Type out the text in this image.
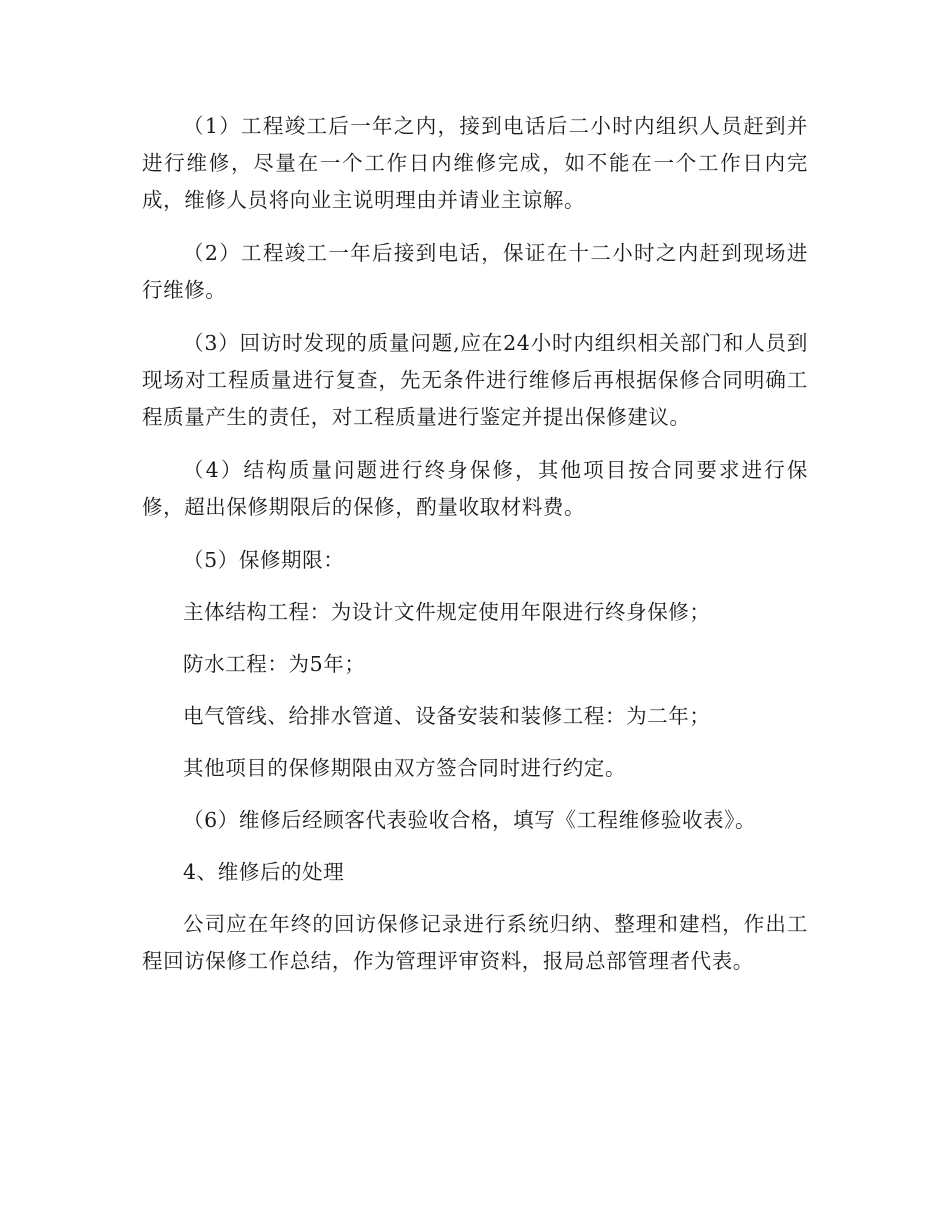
（1）工程竣工后一年之内，接到电话后二小时内组织人员赶到并进行维修，尽量在一个工作日内维修完成，如不能在一个工作日内完成，维修人员将向业主说明理由并请业主谅解。

（2）工程竣工一年后接到电话，保证在十二小时之内赶到现场进行维修。

（3）回访时发现的质量问题,应在24小时内组织相关部门和人员到现场对工程质量进行复查，先无条件进行维修后再根据保修合同明确工程质量产生的责任，对工程质量进行鉴定并提出保修建议。

（4）结构质量问题进行终身保修，其他项目按合同要求进行保修，超出保修期限后的保修，酌量收取材料费。

（5）保修期限：

主体结构工程：为设计文件规定使用年限进行终身保修；

防水工程：为5年；

电气管线、给排水管道、设备安装和装修工程：为二年；

其他项目的保修期限由双方签合同时进行约定。

（6）维修后经顾客代表验收合格，填写《工程维修验收表》。

4、维修后的处理

公司应在年终的回访保修记录进行系统归纳、整理和建档，作出工程回访保修工作总结，作为管理评审资料，报局总部管理者代表。
